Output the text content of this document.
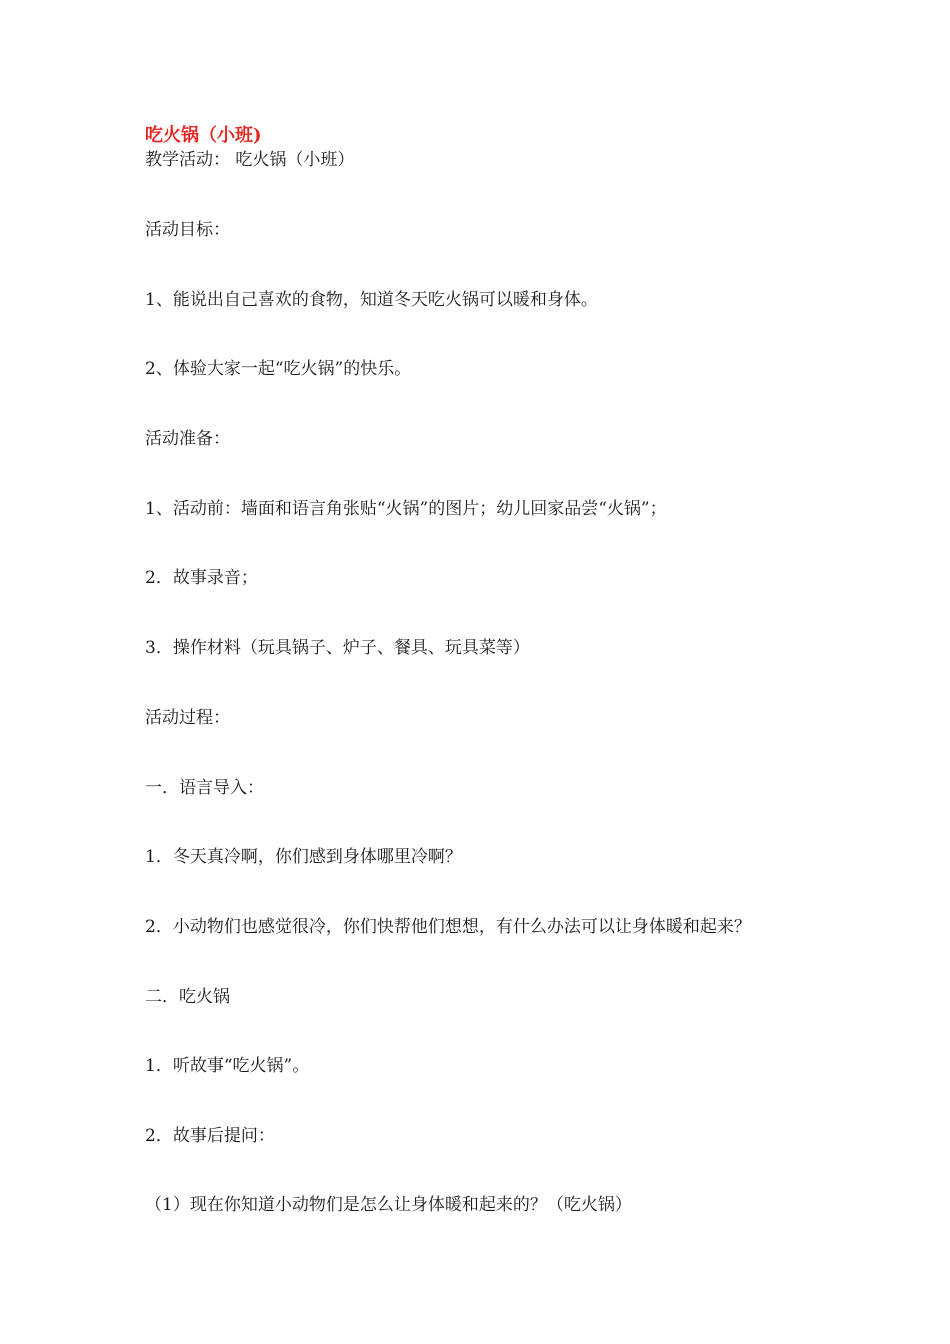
吃火锅（小班)
教学活动： 吃火锅（小班）
活动目标：
1、能说出自己喜欢的食物，知道冬天吃火锅可以暖和身体。
2、体验大家一起“吃火锅”的快乐。
活动准备：
1、活动前：墙面和语言角张贴“火锅”的图片；幼儿回家品尝“火锅”；
2．故事录音；
3．操作材料（玩具锅子、炉子、餐具、玩具菜等）
活动过程：
一．语言导入：
1．冬天真冷啊，你们感到身体哪里冷啊？
2．小动物们也感觉很冷，你们快帮他们想想，有什么办法可以让身体暖和起来？
二．吃火锅
1．听故事“吃火锅”。
2．故事后提问：
（1）现在你知道小动物们是怎么让身体暖和起来的？（吃火锅）
